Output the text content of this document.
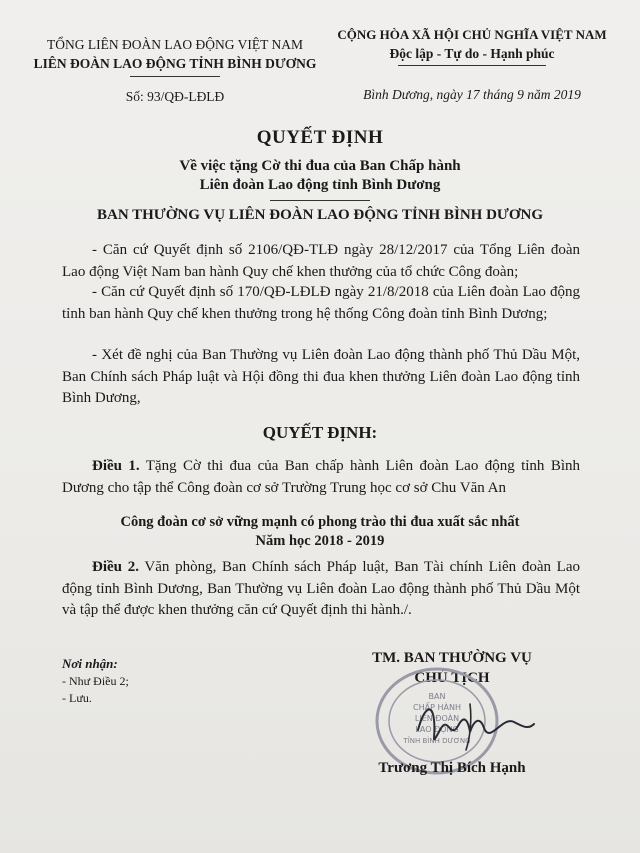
TỔNG LIÊN ĐOÀN LAO ĐỘNG VIỆT NAM

LIÊN ĐOÀN LAO ĐỘNG TỈNH BÌNH DƯƠNG

Số: 93/QĐ-LĐLĐ

CỘNG HÒA XÃ HỘI CHỦ NGHĨA VIỆT NAM

Độc lập - Tự do - Hạnh phúc

Bình Dương, ngày 17 tháng 9 năm 2019

QUYẾT ĐỊNH

Về việc tặng Cờ thi đua của Ban Chấp hành

Liên đoàn Lao động tỉnh Bình Dương

BAN THƯỜNG VỤ LIÊN ĐOÀN LAO ĐỘNG TỈNH BÌNH DƯƠNG

- Căn cứ Quyết định số 2106/QĐ-TLĐ ngày 28/12/2017 của Tổng Liên đoàn Lao động Việt Nam ban hành Quy chế khen thưởng của tổ chức Công đoàn;

- Căn cứ Quyết định số 170/QĐ-LĐLĐ ngày 21/8/2018 của Liên đoàn Lao động tỉnh ban hành Quy chế khen thưởng trong hệ thống Công đoàn tỉnh Bình Dương;

- Xét đề nghị của Ban Thường vụ Liên đoàn Lao động thành phố Thủ Dầu Một, Ban Chính sách Pháp luật và Hội đồng thi đua khen thưởng Liên đoàn Lao động tỉnh Bình Dương,

QUYẾT ĐỊNH:

Điều 1. Tặng Cờ thi đua của Ban chấp hành Liên đoàn Lao động tỉnh Bình Dương cho tập thể Công đoàn cơ sở Trường Trung học cơ sở Chu Văn An

Công đoàn cơ sở vững mạnh có phong trào thi đua xuất sắc nhất

Năm học 2018 - 2019

Điều 2. Văn phòng, Ban Chính sách Pháp luật, Ban Tài chính Liên đoàn Lao động tỉnh Bình Dương, Ban Thường vụ Liên đoàn Lao động thành phố Thủ Dầu Một và tập thể được khen thưởng căn cứ Quyết định thi hành./.

Nơi nhận:

- Như Điều 2;

- Lưu.

TM. BAN THƯỜNG VỤ

CHỦ TỊCH

BAN
CHẤP HÀNH
LIÊN ĐOÀN
LAO ĐỘNG
TỈNH BÌNH DƯƠNG

Trương Thị Bích Hạnh
